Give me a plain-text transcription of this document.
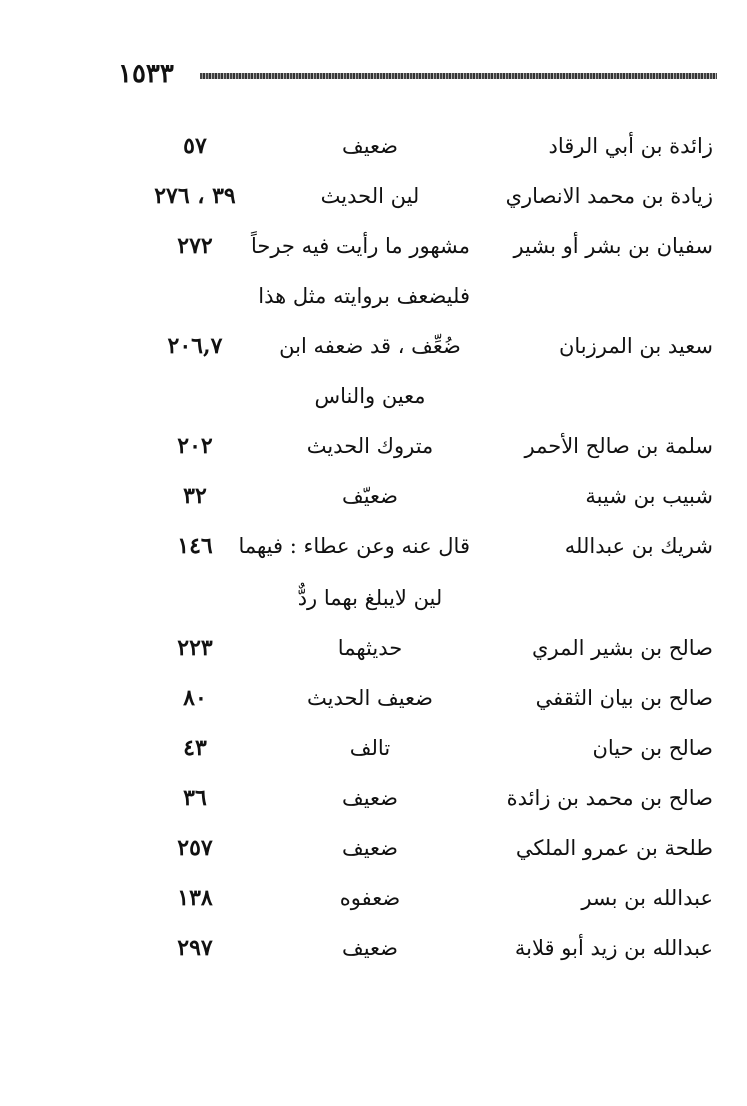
١٥٣٣
زائدة بن أبي الرقاد
ضعيف
٥٧
زيادة بن محمد الانصاري
لين الحديث
٣٩ ، ٢٧٦
سفيان بن بشر أو بشير
مشهور ما رأيت فيه جرحاً
٢٧٢
فليضعف بروايته مثل هذا
سعيد بن المرزبان
ضُعِّف ، قد ضعفه ابن
٢٠٦,٧
معين والناس
سلمة بن صالح الأحمر
متروك الحديث
٢٠٢
شبيب بن شيبة
ضعيّف
٣٢
شريك بن عبدالله
قال عنه وعن عطاء : فيهما
١٤٦
لين لايبلغ بهما ردٌّ
صالح بن بشير المري
حديثهما
٢٢٣
صالح بن بيان الثقفي
ضعيف الحديث
٨٠
صالح بن حيان
تالف
٤٣
صالح بن محمد بن زائدة
ضعيف
٣٦
طلحة بن عمرو الملكي
ضعيف
٢٥٧
عبدالله بن بسر
ضعفوه
١٣٨
عبدالله بن زيد أبو قلابة
ضعيف
٢٩٧
